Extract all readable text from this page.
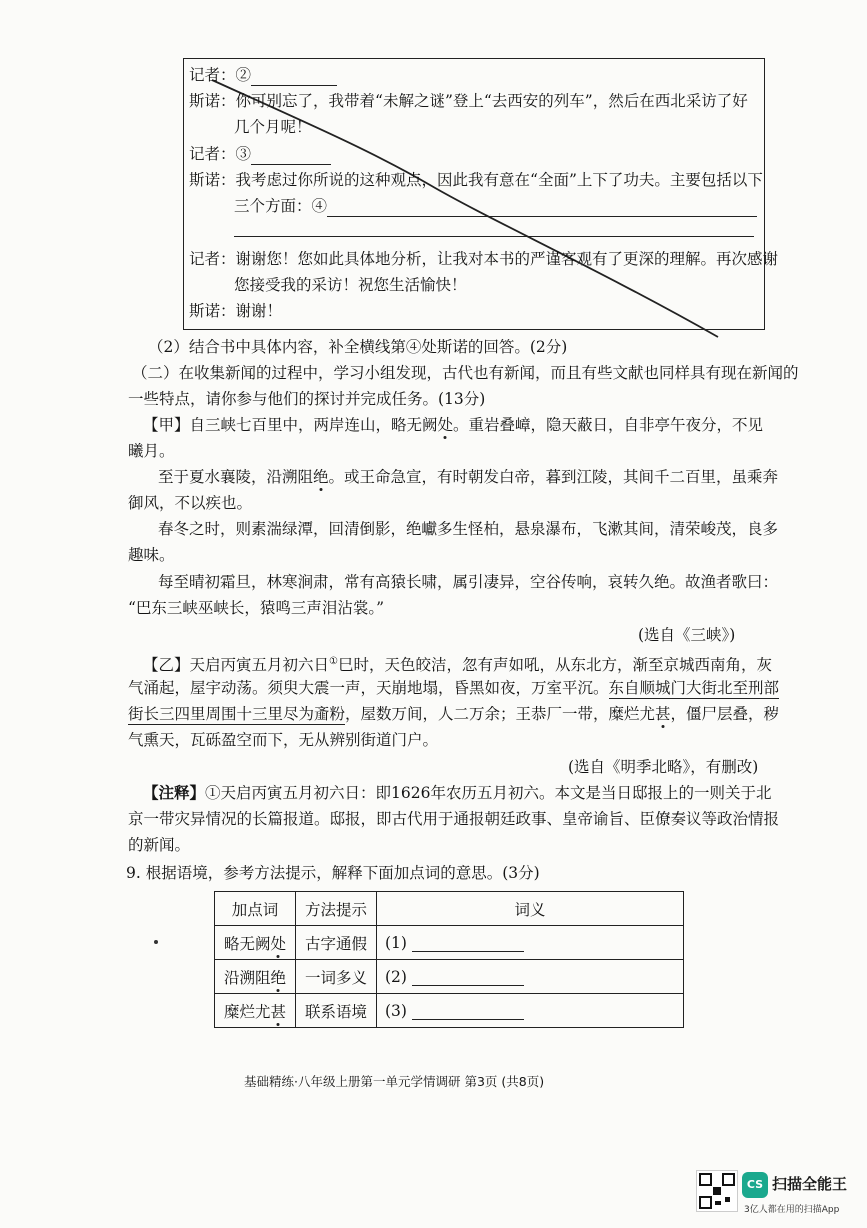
记者：②
斯诺：你可别忘了，我带着“未解之谜”登上“去西安的列车”，然后在西北采访了好
几个月呢！
记者：③
斯诺：我考虑过你所说的这种观点，因此我有意在“全面”上下了功夫。主要包括以下
三个方面：④
记者：谢谢您！您如此具体地分析，让我对本书的严谨客观有了更深的理解。再次感谢
您接受我的采访！祝您生活愉快！
斯诺：谢谢！
（2）结合书中具体内容，补全横线第④处斯诺的回答。(2分)
（二）在收集新闻的过程中，学习小组发现，古代也有新闻，而且有些文献也同样具有现在新闻的
一些特点，请你参与他们的探讨并完成任务。(13分)
【甲】自三峡七百里中，两岸连山，略无阙处。重岩叠嶂，隐天蔽日，自非亭午夜分，不见
曦月。
至于夏水襄陵，沿溯阻绝。或王命急宣，有时朝发白帝，暮到江陵，其间千二百里，虽乘奔
御风，不以疾也。
春冬之时，则素湍绿潭，回清倒影，绝巘多生怪柏，悬泉瀑布，飞漱其间，清荣峻茂，良多
趣味。
每至晴初霜旦，林寒涧肃，常有高猿长啸，属引凄异，空谷传响，哀转久绝。故渔者歌曰：
“巴东三峡巫峡长，猿鸣三声泪沾裳。”
(选自《三峡》)
【乙】天启丙寅五月初六日①巳时，天色皎洁，忽有声如吼，从东北方，渐至京城西南角，灰
气涌起，屋宇动荡。须臾大震一声，天崩地塌，昏黑如夜，万室平沉。东自顺城门大街北至刑部
街长三四里周围十三里尽为齑粉，屋数万间，人二万余；王恭厂一带，糜烂尤甚，僵尸层叠，秽
气熏天，瓦砾盈空而下，无从辨别街道门户。
(选自《明季北略》，有删改)
【注释】①天启丙寅五月初六日：即1626年农历五月初六。本文是当日邸报上的一则关于北
京一带灾异情况的长篇报道。邸报，即古代用于通报朝廷政事、皇帝谕旨、臣僚奏议等政治情报
的新闻。
9. 根据语境，参考方法提示，解释下面加点词的意思。(3分)
加点词	方法提示	词义
略无阙处	古字通假	(1)
沿溯阻绝	一词多义	(2)
糜烂尤甚	联系语境	(3)
基础精练·八年级上册第一单元学情调研 第3页 (共8页)
CS 扫描全能王
3亿人都在用的扫描App
